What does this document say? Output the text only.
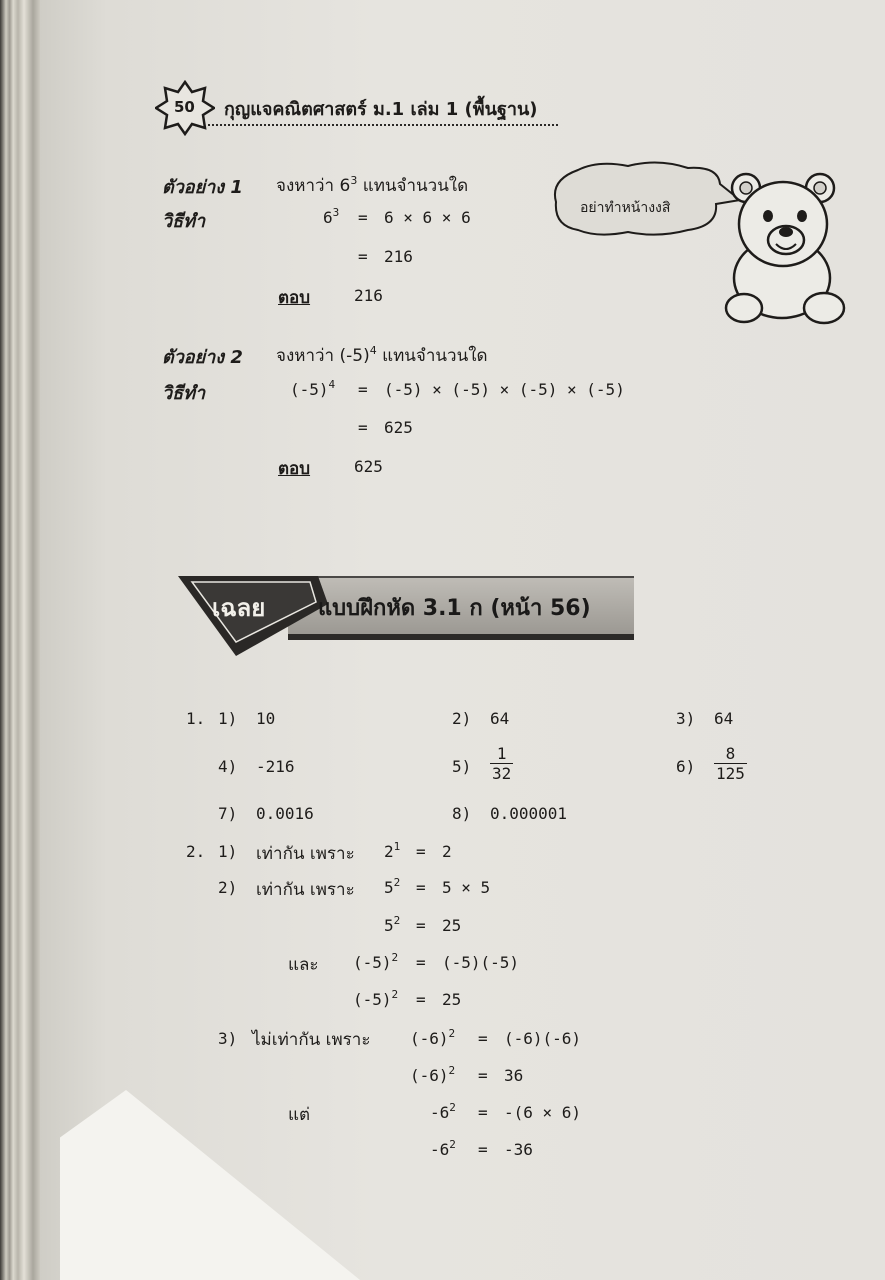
50 กุญแจคณิตศาสตร์ ม.1 เล่ม 1 (พื้นฐาน)
อย่าทำหน้างงสิ
ตัวอย่าง 1 จงหาว่า $6^3$ แทนจำนวนใด
วิธีทำ	$6^3 = 6 \times 6 \times 6$
= 216
ตอบ	216
ตัวอย่าง 2 จงหาว่า $(-5)^4$ แทนจำนวนใด
วิธีทำ	$(-5)^4 = (-5) \times (-5) \times (-5) \times (-5)$
= 625
ตอบ	625
เฉลย แบบฝึกหัด 3.1 ก (หน้า 56)
1. 1) 10	2) 64	3) 64
4) -216	$5) \frac{1}{32}$	$6) \frac{8}{125}$
7) 0.0016	8) 0.000001
2. 1) เท่ากัน เพราะ $2^1 = 2$
2) เท่ากัน เพราะ $5^2 = 5 \times 5$
$5^2 = 25$
และ $(-5)^2 = (-5)(-5)$
$(-5)^2 = 25$
3) ไม่เท่ากัน เพราะ $(-6)^2 = (-6)(-6)$
$(-6)^2 = 36$
แต่	$-6^2 = -(6 \times 6)$
$-6^2 = -36$
